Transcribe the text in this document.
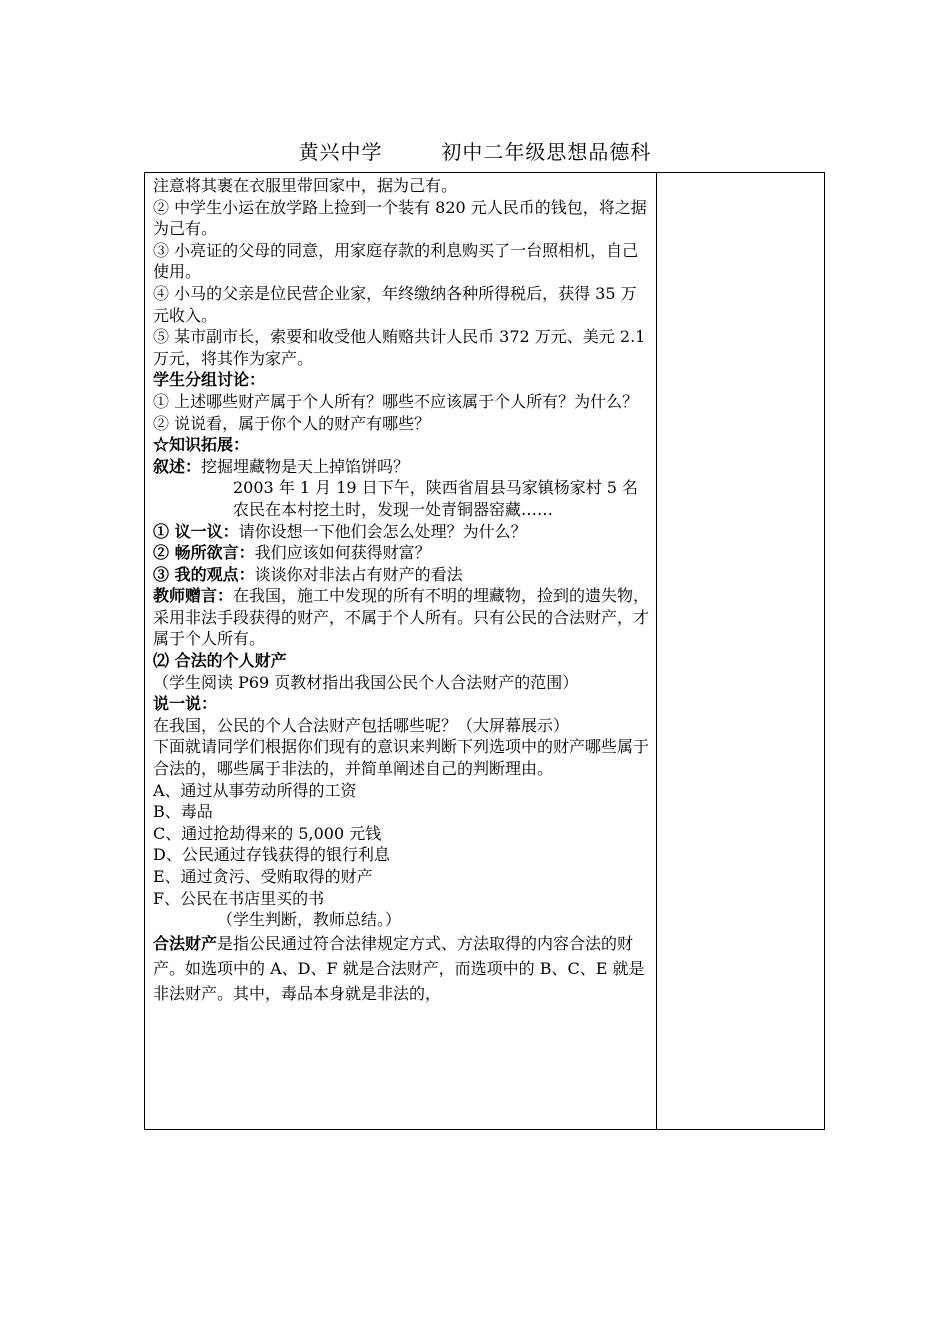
黄兴中学	初中二年级思想品德科

注意将其裹在衣服里带回家中，据为己有。

② 中学生小运在放学路上捡到一个装有 820 元人民币的钱包，将之据为己有。

③ 小亮证的父母的同意，用家庭存款的利息购买了一台照相机，自己使用。

④ 小马的父亲是位民营企业家，年终缴纳各种所得税后，获得 35 万元收入。

⑤ 某市副市长，索要和收受他人贿赂共计人民币 372 万元、美元 2.1 万元，将其作为家产。

学生分组讨论：

① 上述哪些财产属于个人所有？哪些不应该属于个人所有？为什么？

② 说说看，属于你个人的财产有哪些？

☆知识拓展：

叙述：挖掘埋藏物是天上掉馅饼吗？

2003 年 1 月 19 日下午，陕西省眉县马家镇杨家村 5 名农民在本村挖土时，发现一处青铜器窑藏……

① 议一议：请你设想一下他们会怎么处理？为什么？

② 畅所欲言：我们应该如何获得财富？

③ 我的观点：谈谈你对非法占有财产的看法

教师赠言：在我国，施工中发现的所有不明的埋藏物，捡到的遗失物，采用非法手段获得的财产，不属于个人所有。只有公民的合法财产，才属于个人所有。

⑵ 合法的个人财产

（学生阅读 P69 页教材指出我国公民个人合法财产的范围）

说一说：

在我国，公民的个人合法财产包括哪些呢？（大屏幕展示）

下面就请同学们根据你们现有的意识来判断下列选项中的财产哪些属于合法的，哪些属于非法的，并简单阐述自己的判断理由。

A、通过从事劳动所得的工资

B、毒品

C、通过抢劫得来的 5,000 元钱

D、公民通过存钱获得的银行利息

E、通过贪污、受贿取得的财产

F、公民在书店里买的书

（学生判断，教师总结。）

合法财产是指公民通过符合法律规定方式、方法取得的内容合法的财产。如选项中的 A、D、F 就是合法财产，而选项中的 B、C、E 就是非法财产。其中，毒品本身就是非法的，
